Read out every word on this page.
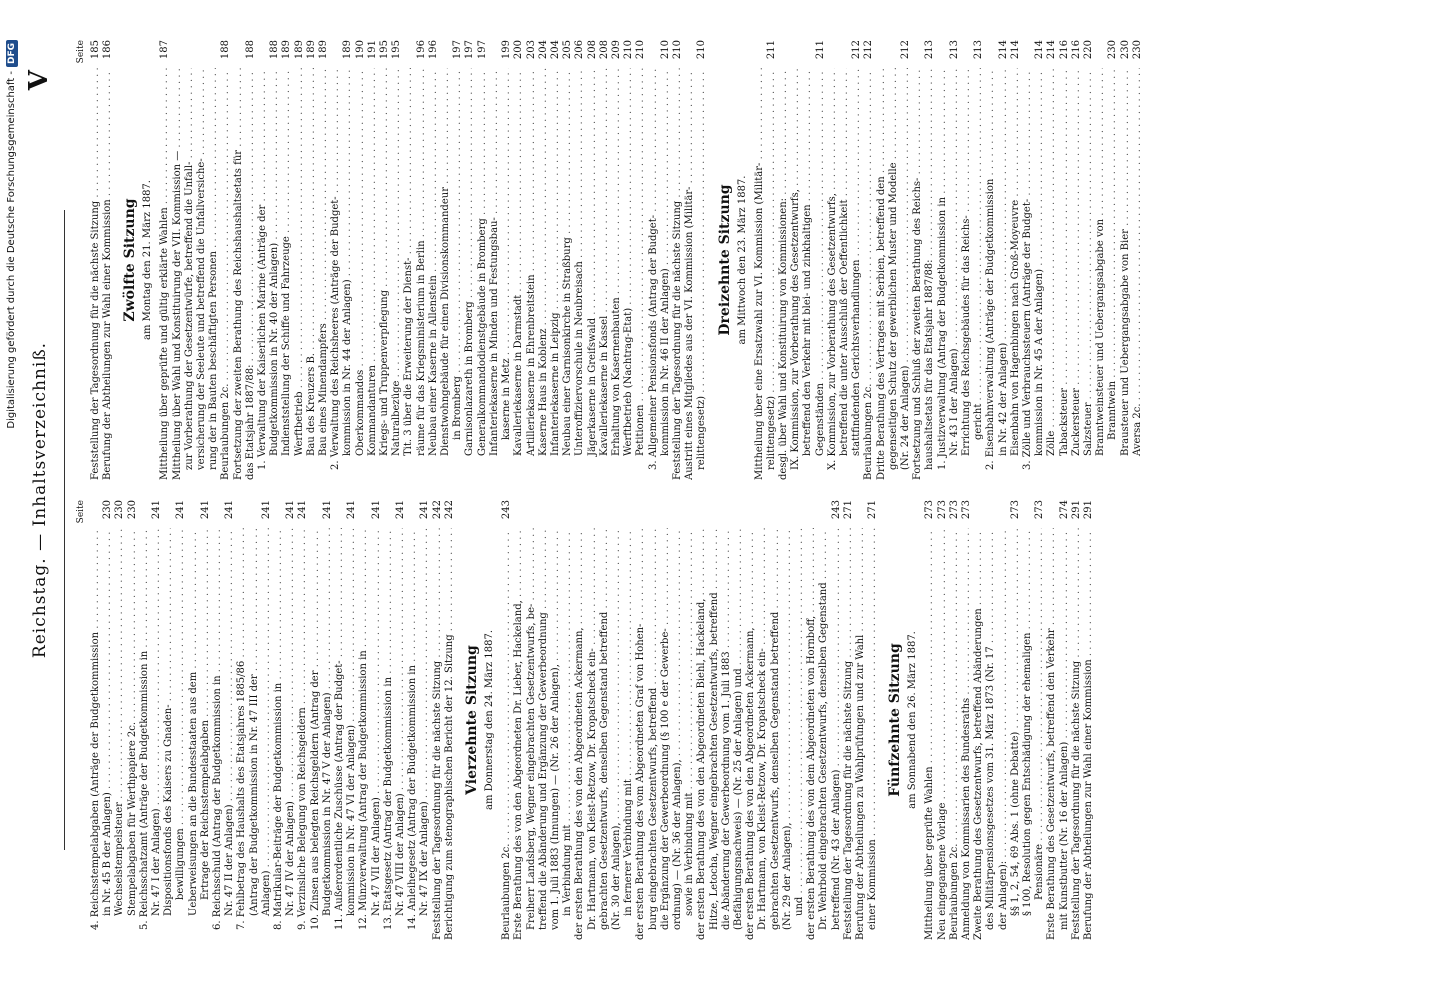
Digitalisierung gefördert durch die Deutsche Forschungsgemeinschaft -DFG
Reichstag. — Inhaltsverzeichniß.
V
Seite
Feststellung der Tagesordnung für die nächste Sitzung . . .
185
Berufung der Abtheilungen zur Wahl einer Kommission . . .
186
Zwölfte Sitzung am Montag den 21. März 1887. Mittheilung über geprüfte und gültig erklärte Wahlen . . .
187
Mittheilung über Wahl und Konstituirung der VII. Kommission — . . . zur Vorberathung der Gesetzentwürfe, betreffend die Unfall- . . . versicherung der Seeleute und betreffend die Unfallversiche- . . . rung der in Bauten beschäftigten Personen . . . Beurlaubungen 2c. . . .
188
Fortsetzung der zweiten Berathung des Reichshaushaltsetats für . . . das Etatsjahr 1887/88: . . .
188
1. Verwaltung der Kaiserlichen Marine (Anträge der . . . Budgetkommission in Nr. 40 der Anlagen) . . .
188
Indienststellung der Schiffe und Fahrzeuge . . .
189
Werftbetrieb . . .
189
Bau des Kreuzers B. . . .
189
Bau eines Minendampfers . . .
189
2. Verwaltung des Reichsheeres (Anträge der Budget- . . . kommission in Nr. 44 der Anlagen) . . .
189
Oberkommandos . . .
190
Kommandanturen . . .
191
Kriegs- und Truppenverpflegung . . .
195
Naturalbezüge . . .
195
Tit. 3 über die Erweiterung der Dienst- . . . räume für das Kriegsministerium in Berlin . . .
196
Neubau einer Kaserne in Allenstein . . .
196
Dienstwohngebäude für einen Divisionskommandeur . . . in Bromberg . . .
197
Garnisonlazareth in Bromberg . . .
197
Generalkommandodienstgebäude in Bromberg . . .
197
Infanteriekaserne in Minden und Festungsbau- . . . kaserne in Metz . . .
199
Kavalleriekaserne in Darmstadt . . .
200
Artilleriekaserne in Ehrenbreitstein . . .
203
Kaserne Haus in Koblenz . . .
204
Infanteriekaserne in Leipzig . . .
204
Neubau einer Garnisonkirche in Straßburg . . .
205
Unteroffiziervorschule in Neubreisach . . .
206
Jägerkaserne in Greifswald . . .
208
Kavalleriekaserne in Kassel . . .
208
Erhaltung von Kasernenbauten . . .
209
Werftbetrieb (Nachtrag-Etat) . . .
210
Petitionen . . .
210
3. Allgemeiner Pensionsfonds (Antrag der Budget- . . . kommission in Nr. 46 II der Anlagen) . . .
210
Feststellung der Tagesordnung für die nächste Sitzung . . .
210
Austritt eines Mitgliedes aus der VI. Kommission (Militär- . . . relittengesetz) . . .
210
Dreizehnte Sitzung am Mittwoch den 23. März 1887. Mittheilung über eine Ersatzwahl zur VI. Kommission (Militär- . . . relittengesetz) . . .
211
desgl. über Wahl und Konstituirung von Kommissionen: . . . IX. Kommission, zur Vorberathung des Gesetzentwurfs, . . . betreffend den Verkehr mit blei- und zinkhaltigen . . . Gegenständen . . .
211
X. Kommission, zur Vorberathung des Gesetzentwurfs, . . . betreffend die unter Ausschluß der Oeffentlichkeit . . . stattfindenden Gerichtsverhandlungen . . .
212
Beurlaubungen 2c. . . .
212
Dritte Berathung des Vertrages mit Serbien, betreffend den . . . gegenseitigen Schutz der gewerblichen Muster und Modelle . . . (Nr. 24 der Anlagen) . . .
212
Fortsetzung und Schluß der zweiten Berathung des Reichs- . . . haushaltsetats für das Etatsjahr 1887/88: . . .
213
1. Justizverwaltung (Antrag der Budgetkommission in . . . Nr. 43 I der Anlagen) . . .
213
Errichtung des Reichsgebäudes für das Reichs- . . . gericht . . .
213
2. Eisenbahnverwaltung (Anträge der Budgetkommission . . . in Nr. 42 der Anlagen) . . .
214
Eisenbahn von Hagenbingen nach Groß-Moyeuvre . . .
214
3. Zölle und Verbrauchssteuern (Anträge der Budget- . . . kommission in Nr. 45 A der Anlagen) . . .
214
Zölle . . .
214
Tabacksteuer . . .
216
Zuckersteuer . . .
216
Salzsteuer . . .
220
Branntweinsteuer und Uebergangsabgabe von . . . Branntwein . . .
230
Brausteuer und Uebergangsabgabe von Bier . . .
230
Aversa 2c. . . .
230
Seite
4. Reichsstempelabgaben (Anträge der Budgetkommission . . . in Nr. 45 B der Anlagen) . . .
230
Wechselstempelsteuer . . .
230
Stempelabgaben für Werthpapiere 2c. . . .
230
5. Reichsschatzamt (Anträge der Budgetkommission in . . . Nr. 47 I der Anlagen) . . .
241
Dispositionsfonds des Kaisers zu Gnaden- . . . bewilligungen . . .
241
Ueberweisungen an die Bundesstaaten aus dem . . . Ertrage der Reichsstempelabgaben . . .
241
6. Reichsschuld (Antrag der Budgetkommission in . . . Nr. 47 II der Anlagen) . . .
241
7. Fehlbetrag des Haushalts des Etatsjahres 1885/86 . . . (Antrag der Budgetkommission in Nr. 47 III der . . . Anlagen) . . .
241
8. Matrikular-Beiträge der Budgetkommission in . . . Nr. 47 IV der Anlagen) . . .
241
9. Verzinsliche Belegung von Reichsgeldern . . .
241
10. Zinsen aus belegten Reichsgeldern (Antrag der . . . Budgetkommission in Nr. 47 V der Anlagen) . . .
241
11. Außerordentliche Zuschüsse (Antrag der Budget- . . . kommission in Nr. 47 VI der Anlagen) . . .
241
12. Münzverwaltung (Antrag der Budgetkommission in . . . Nr. 47 VII der Anlagen) . . .
241
13. Etatsgesetz (Antrag der Budgetkommission in . . . Nr. 47 VIII der Anlagen) . . .
241
14. Anleihegesetz (Antrag der Budgetkommission in . . . Nr. 47 IX der Anlagen) . . .
241
Feststellung der Tagesordnung für die nächste Sitzung . . .
242
Berichtigung zum stenographischen Bericht der 12. Sitzung . . .
242
Vierzehnte Sitzung am Donnerstag den 24. März 1887.
Beurlaubungen 2c. . . .
243
Erste Berathung des von den Abgeordneten Dr. Lieber, Hackeland, . . . Freiherr Landsberg, Wegner eingebrachten Gesetzentwurfs, be- . . . treffend die Abänderung und Ergänzung der Gewerbeordnung . . . vom 1. Juli 1883 (Innungen) — (Nr. 26 der Anlagen), . . . in Verbindung mit . . . der ersten Berathung des von den Abgeordneten Ackermann, . . . Dr. Hartmann, von Kleist-Retzow, Dr. Kropatscheck ein- . . . gebrachten Gesetzentwurfs, denselben Gegenstand betreffend . . . (Nr. 30 der Anlagen), . . . in fernerer Verbindung mit . . . der ersten Berathung des vom Abgeordneten Graf von Hohen- . . . burg eingebrachten Gesetzentwurfs, betreffend . . . die Ergänzung der Gewerbeordnung (§ 100 e der Gewerbe- . . . ordnung) — (Nr. 36 der Anlagen), . . . sowie in Verbindung mit . . . der ersten Berathung des von den Abgeordneten Biehl, Hackeland, . . . Hitze, Letocha, Wegner eingebrachten Gesetzentwurfs, betreffend . . . die Abänderung der Gewerbeordnung vom 1. Juli 1883 . . . (Befähigungsnachweis) — (Nr. 25 der Anlagen) und . . . der ersten Berathung des von den Abgeordneten Ackermann, . . . Dr. Hartmann, von Kleist-Retzow, Dr. Kropatscheck ein- . . . gebrachten Gesetzentwurfs, denselben Gegenstand betreffend . . . (Nr. 29 der Anlagen), . . . und . . . der ersten Berathung des von dem Abgeordneten von Hornboff, . . . Dr. Wehrbold eingebrachten Gesetzentwurfs, denselben Gegenstand . . . betreffend (Nr. 43 der Anlagen) . . .
243
Feststellung der Tagesordnung für die nächste Sitzung . . .
271
Berufung der Abtheilungen zu Wahlprüfungen und zur Wahl . . . einer Kommission . . .
271
Fünfzehnte Sitzung am Sonnabend den 26. März 1887.
Mittheilung über geprüfte Wahlen . . .
273
Neu eingegangene Vorlage . . .
273
Beurlaubungen 2c. . . .
273
Anmeldung von Kommissarien des Bundesraths . . .
273
Zweite Berathung des Gesetzentwurfs, betreffend Abänderungen . . . des Militärpensionsgesetzes vom 31. März 1873 (Nr. 17 . . . der Anlagen): . . . §§ 1, 2, 54, 69 Abs. 1 (ohne Debatte) . . .
273
§ 100, Resolution gegen Entschädigung der ehemaligen . . . Pensionäre . . .
273
Erste Berathung des Gesetzentwurfs, betreffend den Verkehr . . . mit Kunstbutter (Nr. 16 der Anlagen) . . .
274
Feststellung der Tagesordnung für die nächste Sitzung . . .
291
Berufung der Abtheilungen zur Wahl einer Kommission . . .
291
